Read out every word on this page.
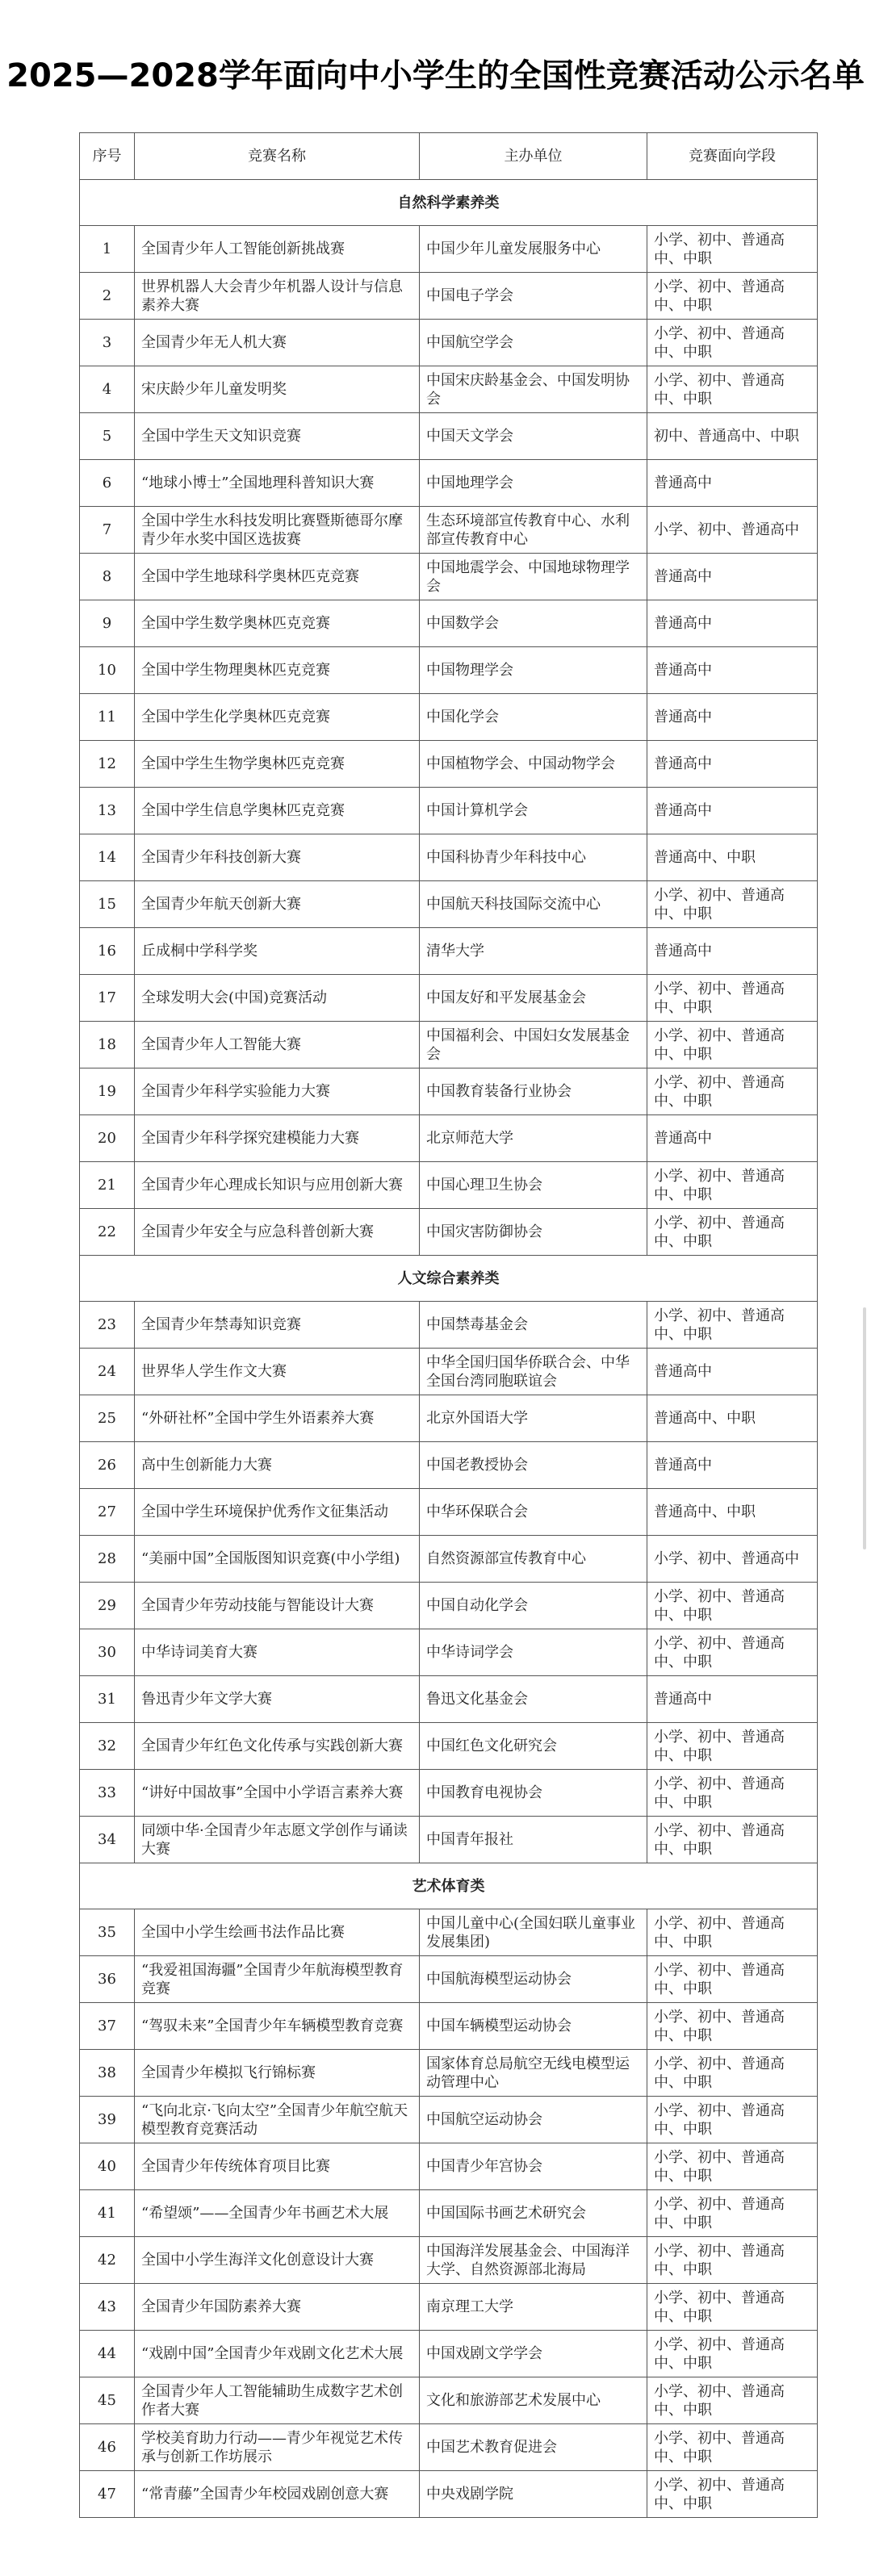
2025—2028学年面向中小学生的全国性竞赛活动公示名单
序号	竞赛名称	主办单位	竞赛面向学段
自然科学素养类			
1	全国青少年人工智能创新挑战赛	中国少年儿童发展服务中心	小学、初中、普通高中、中职
2	世界机器人大会青少年机器人设计与信息素养大赛	中国电子学会	小学、初中、普通高中、中职
3	全国青少年无人机大赛	中国航空学会	小学、初中、普通高中、中职
4	宋庆龄少年儿童发明奖	中国宋庆龄基金会、中国发明协会	小学、初中、普通高中、中职
5	全国中学生天文知识竞赛	中国天文学会	初中、普通高中、中职
6	“地球小博士”全国地理科普知识大赛	中国地理学会	普通高中
7	全国中学生水科技发明比赛暨斯德哥尔摩青少年水奖中国区选拔赛	生态环境部宣传教育中心、水利部宣传教育中心	小学、初中、普通高中
8	全国中学生地球科学奥林匹克竞赛	中国地震学会、中国地球物理学会	普通高中
9	全国中学生数学奥林匹克竞赛	中国数学会	普通高中
10	全国中学生物理奥林匹克竞赛	中国物理学会	普通高中
11	全国中学生化学奥林匹克竞赛	中国化学会	普通高中
12	全国中学生生物学奥林匹克竞赛	中国植物学会、中国动物学会	普通高中
13	全国中学生信息学奥林匹克竞赛	中国计算机学会	普通高中
14	全国青少年科技创新大赛	中国科协青少年科技中心	普通高中、中职
15	全国青少年航天创新大赛	中国航天科技国际交流中心	小学、初中、普通高中、中职
16	丘成桐中学科学奖	清华大学	普通高中
17	全球发明大会(中国)竞赛活动	中国友好和平发展基金会	小学、初中、普通高中、中职
18	全国青少年人工智能大赛	中国福利会、中国妇女发展基金会	小学、初中、普通高中、中职
19	全国青少年科学实验能力大赛	中国教育装备行业协会	小学、初中、普通高中、中职
20	全国青少年科学探究建模能力大赛	北京师范大学	普通高中
21	全国青少年心理成长知识与应用创新大赛	中国心理卫生协会	小学、初中、普通高中、中职
22	全国青少年安全与应急科普创新大赛	中国灾害防御协会	小学、初中、普通高中、中职
人文综合素养类			
23	全国青少年禁毒知识竞赛	中国禁毒基金会	小学、初中、普通高中、中职
24	世界华人学生作文大赛	中华全国归国华侨联合会、中华全国台湾同胞联谊会	普通高中
25	“外研社杯”全国中学生外语素养大赛	北京外国语大学	普通高中、中职
26	高中生创新能力大赛	中国老教授协会	普通高中
27	全国中学生环境保护优秀作文征集活动	中华环保联合会	普通高中、中职
28	“美丽中国”全国版图知识竞赛(中小学组)	自然资源部宣传教育中心	小学、初中、普通高中
29	全国青少年劳动技能与智能设计大赛	中国自动化学会	小学、初中、普通高中、中职
30	中华诗词美育大赛	中华诗词学会	小学、初中、普通高中、中职
31	鲁迅青少年文学大赛	鲁迅文化基金会	普通高中
32	全国青少年红色文化传承与实践创新大赛	中国红色文化研究会	小学、初中、普通高中、中职
33	“讲好中国故事”全国中小学语言素养大赛	中国教育电视协会	小学、初中、普通高中、中职
34	同颂中华·全国青少年志愿文学创作与诵读大赛	中国青年报社	小学、初中、普通高中、中职
艺术体育类			
35	全国中小学生绘画书法作品比赛	中国儿童中心(全国妇联儿童事业发展集团)	小学、初中、普通高中、中职
36	“我爱祖国海疆”全国青少年航海模型教育竞赛	中国航海模型运动协会	小学、初中、普通高中、中职
37	“驾驭未来”全国青少年车辆模型教育竞赛	中国车辆模型运动协会	小学、初中、普通高中、中职
38	全国青少年模拟飞行锦标赛	国家体育总局航空无线电模型运动管理中心	小学、初中、普通高中、中职
39	“飞向北京·飞向太空”全国青少年航空航天模型教育竞赛活动	中国航空运动协会	小学、初中、普通高中、中职
40	全国青少年传统体育项目比赛	中国青少年宫协会	小学、初中、普通高中、中职
41	“希望颂”——全国青少年书画艺术大展	中国国际书画艺术研究会	小学、初中、普通高中、中职
42	全国中小学生海洋文化创意设计大赛	中国海洋发展基金会、中国海洋大学、自然资源部北海局	小学、初中、普通高中、中职
43	全国青少年国防素养大赛	南京理工大学	小学、初中、普通高中、中职
44	“戏剧中国”全国青少年戏剧文化艺术大展	中国戏剧文学学会	小学、初中、普通高中、中职
45	全国青少年人工智能辅助生成数字艺术创作者大赛	文化和旅游部艺术发展中心	小学、初中、普通高中、中职
46	学校美育助力行动——青少年视觉艺术传承与创新工作坊展示	中国艺术教育促进会	小学、初中、普通高中、中职
47	“常青藤”全国青少年校园戏剧创意大赛	中央戏剧学院	小学、初中、普通高中、中职
